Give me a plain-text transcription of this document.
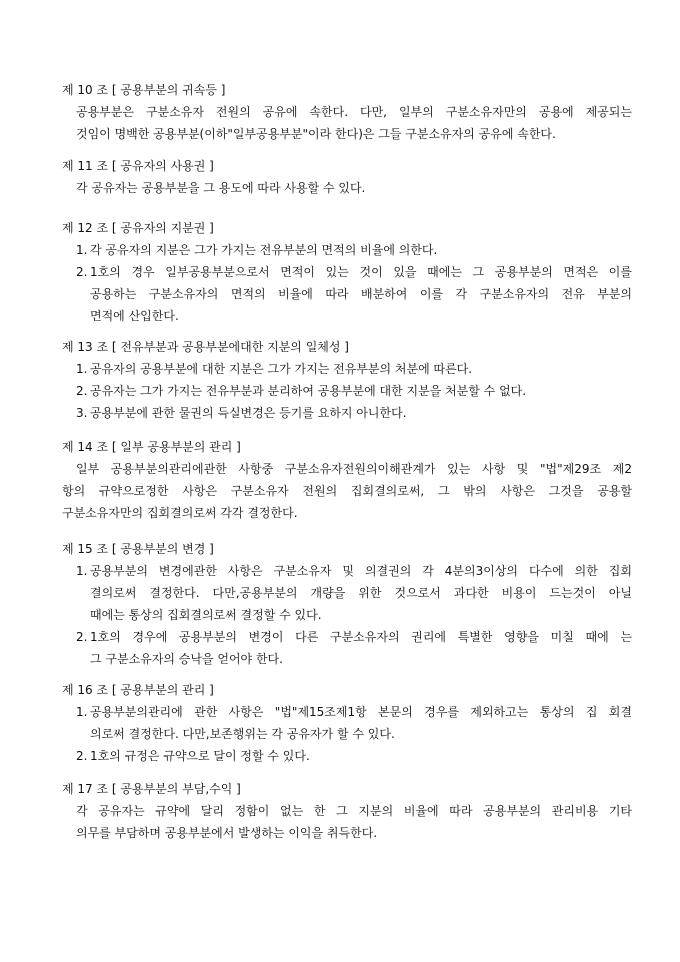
제 10 조 [ 공용부분의 귀속등 ]
공용부분은 구분소유자 전원의 공유에 속한다. 다만, 일부의 구분소유자만의 공용에 제공되는
것임이 명백한 공용부분(이하"일부공용부분"이라 한다)은 그들 구분소유자의 공유에 속한다.
제 11 조 [ 공유자의 사용권 ]
각 공유자는 공용부분을 그 용도에 따라 사용할 수 있다.
제 12 조 [ 공유자의 지분권 ]
1. 각 공유자의 지분은 그가 가지는 전유부분의 면적의 비율에 의한다.
2. 1호의 경우 일부공용부분으로서 면적이 있는 것이 있을 때에는 그 공용부분의 면적은 이를
공용하는 구분소유자의 면적의 비율에 따라 배분하여 이를 각 구분소유자의 전유 부분의
면적에 산입한다.
제 13 조 [ 전유부분과 공용부분에대한 지분의 일체성 ]
1. 공유자의 공용부분에 대한 지분은 그가 가지는 전유부분의 처분에 따른다.
2. 공유자는 그가 가지는 전유부분과 분리하여 공용부분에 대한 지분을 처분할 수 없다.
3. 공용부분에 관한 물권의 득실변경은 등기를 요하지 아니한다.
제 14 조 [ 일부 공용부분의 관리 ]
일부 공용부분의관리에관한 사항중 구분소유자전원의이해관계가 있는 사항 및 "법"제29조 제2
항의 규약으로정한 사항은 구분소유자 전원의 집회결의로써, 그 밖의 사항은 그것을 공용할
구분소유자만의 집회결의로써 각각 결정한다.
제 15 조 [ 공용부분의 변경 ]
1. 공용부분의 변경에관한 사항은 구분소유자 및 의결권의 각 4분의3이상의 다수에 의한 집회
결의로써 결정한다. 다만,공용부분의 개량을 위한 것으로서 과다한 비용이 드는것이 아닐
때에는 통상의 집회결의로써 결정할 수 있다.
2. 1호의 경우에 공용부분의 변경이 다른 구분소유자의 권리에 특별한 영향을 미칠 때에 는
그 구분소유자의 승낙을 얻어야 한다.
제 16 조 [ 공용부분의 관리 ]
1. 공용부분의관리에 관한 사항은 "법"제15조제1항 본문의 경우를 제외하고는 통상의 집 회결
의로써 결정한다. 다만,보존행위는 각 공유자가 할 수 있다.
2. 1호의 규정은 규약으로 달이 정할 수 있다.
제 17 조 [ 공용부분의 부담,수익 ]
각 공유자는 규약에 달리 정함이 없는 한 그 지분의 비율에 따라 공용부분의 관리비용 기타
의무를 부담하며 공용부분에서 발생하는 이익을 취득한다.
